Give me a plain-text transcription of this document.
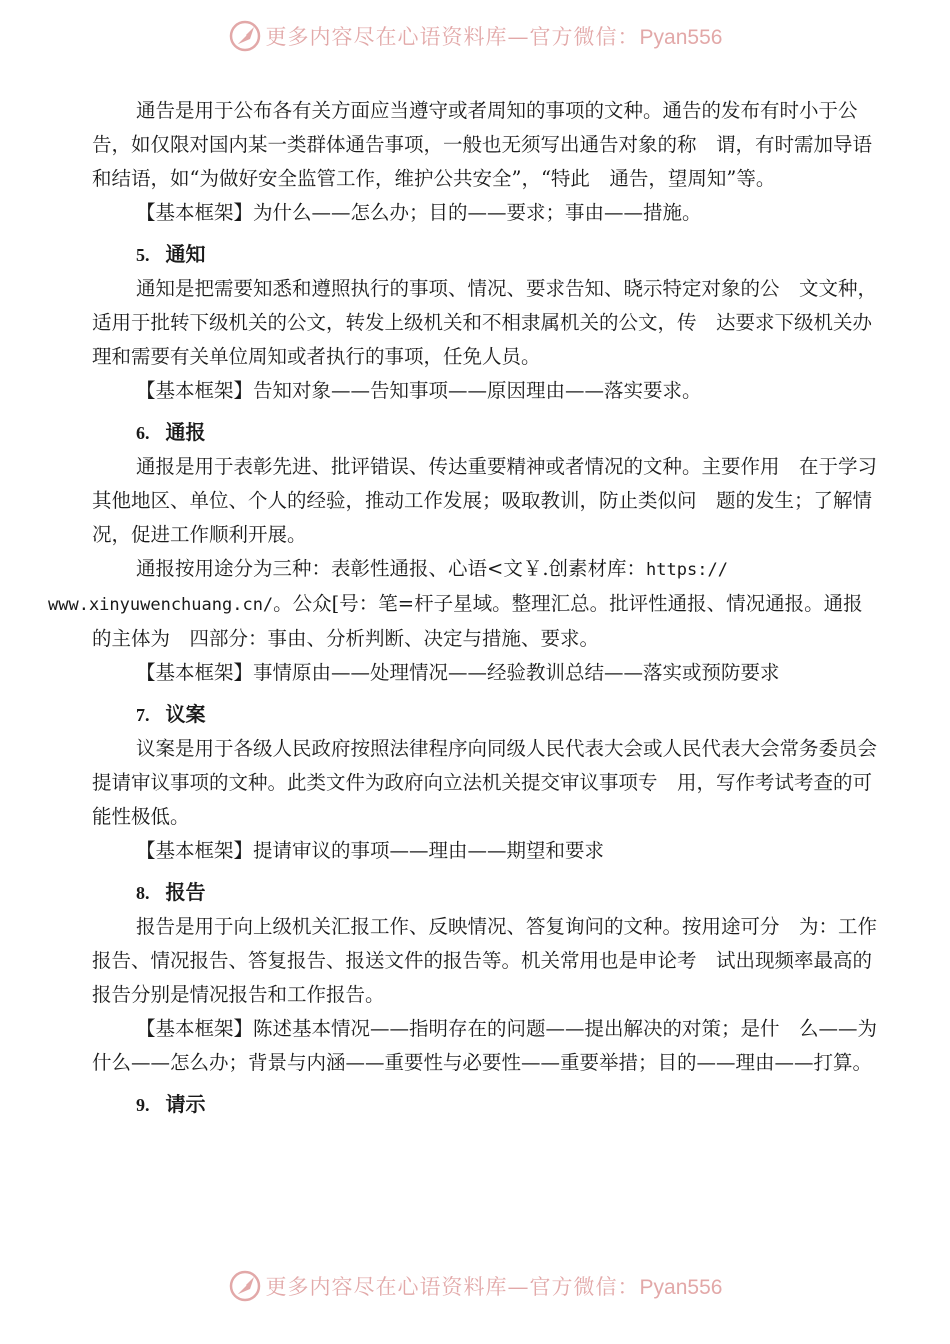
更多内容尽在心语资料库—官方微信：Pyan556

通告是用于公布各有关方面应当遵守或者周知的事项的文种。通告的发布有时小于公告，如仅限对国内某一类群体通告事项，一般也无须写出通告对象的称　谓，有时需加导语和结语，如“为做好安全监管工作，维护公共安全”，“特此　通告，望周知”等。

【基本框架】为什么——怎么办；目的——要求；事由——措施。

5. 通知

通知是把需要知悉和遵照执行的事项、情况、要求告知、晓示特定对象的公　文文种，适用于批转下级机关的公文，转发上级机关和不相隶属机关的公文，传　达要求下级机关办理和需要有关单位周知或者执行的事项，任免人员。

【基本框架】告知对象——告知事项——原因理由——落实要求。

6. 通报

通报是用于表彰先进、批评错误、传达重要精神或者情况的文种。主要作用　在于学习其他地区、单位、个人的经验，推动工作发展；吸取教训，防止类似问　题的发生；了解情况，促进工作顺利开展。

通报按用途分为三种：表彰性通报、心语<文￥.创素材库：https://
www.xinyuwenchuang.cn/。公众[号：笔=杆子星域。整理汇总。批评性通报、情况通报。通报的主体为　四部分：事由、分析判断、决定与措施、要求。

【基本框架】事情原由——处理情况——经验教训总结——落实或预防要求

7. 议案

议案是用于各级人民政府按照法律程序向同级人民代表大会或人民代表大会常务委员会提请审议事项的文种。此类文件为政府向立法机关提交审议事项专　用，写作考试考查的可能性极低。

【基本框架】提请审议的事项——理由——期望和要求

8. 报告

报告是用于向上级机关汇报工作、反映情况、答复询问的文种。按用途可分　为：工作报告、情况报告、答复报告、报送文件的报告等。机关常用也是申论考　试出现频率最高的报告分别是情况报告和工作报告。

【基本框架】陈述基本情况——指明存在的问题——提出解决的对策；是什　么——为什么——怎么办；背景与内涵——重要性与必要性——重要举措；目的——理由——打算。

9. 请示
更多内容尽在心语资料库—官方微信：Pyan556
